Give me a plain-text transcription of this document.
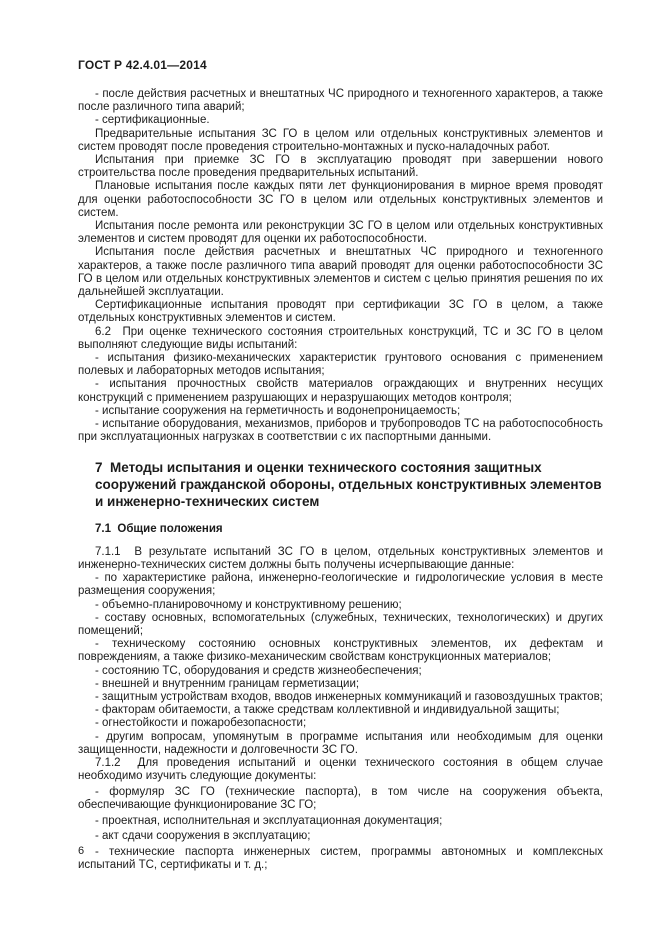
ГОСТ Р 42.4.01—2014
- после действия расчетных и внештатных ЧС природного и техногенного характеров, а также после различного типа аварий;
- сертификационные.
Предварительные испытания ЗС ГО в целом или отдельных конструктивных элементов и систем проводят после проведения строительно-монтажных и пуско-наладочных работ.
Испытания при приемке ЗС ГО в эксплуатацию проводят при завершении нового строительства после проведения предварительных испытаний.
Плановые испытания после каждых пяти лет функционирования в мирное время проводят для оценки работоспособности ЗС ГО в целом или отдельных конструктивных элементов и систем.
Испытания после ремонта или реконструкции ЗС ГО в целом или отдельных конструктивных элементов и систем проводят для оценки их работоспособности.
Испытания после действия расчетных и внештатных ЧС природного и техногенного характеров, а также после различного типа аварий проводят для оценки работоспособности ЗС ГО в целом или отдельных конструктивных элементов и систем с целью принятия решения по их дальнейшей эксплуатации.
Сертификационные испытания проводят при сертификации ЗС ГО в целом, а также отдельных конструктивных элементов и систем.
6.2  При оценке технического состояния строительных конструкций, ТС и ЗС ГО в целом выполняют следующие виды испытаний:
- испытания физико-механических характеристик грунтового основания с применением полевых и лабораторных методов испытания;
- испытания прочностных свойств материалов ограждающих и внутренних несущих конструкций с применением разрушающих и неразрушающих методов контроля;
- испытание сооружения на герметичность и водонепроницаемость;
- испытание оборудования, механизмов, приборов и трубопроводов ТС на работоспособность при эксплуатационных нагрузках в соответствии с их паспортными данными.
7  Методы испытания и оценки технического состояния защитных сооружений гражданской обороны, отдельных конструктивных элементов и инженерно-технических систем
7.1  Общие положения
7.1.1  В результате испытаний ЗС ГО в целом, отдельных конструктивных элементов и инженерно-технических систем должны быть получены исчерпывающие данные:
- по характеристике района, инженерно-геологические и гидрологические условия в месте размещения сооружения;
- объемно-планировочному и конструктивному решению;
- составу основных, вспомогательных (служебных, технических, технологических) и других помещений;
- техническому состоянию основных конструктивных элементов, их дефектам и повреждениям, а также физико-механическим свойствам конструкционных материалов;
- состоянию ТС, оборудования и средств жизнеобеспечения;
- внешней и внутренним границам герметизации;
- защитным устройствам входов, вводов инженерных коммуникаций и газовоздушных трактов;
- факторам обитаемости, а также средствам коллективной и индивидуальной защиты;
- огнестойкости и пожаробезопасности;
- другим вопросам, упомянутым в программе испытания или необходимым для оценки защищенности, надежности и долговечности ЗС ГО.
7.1.2  Для проведения испытаний и оценки технического состояния в общем случае необходимо изучить следующие документы:
- формуляр ЗС ГО (технические паспорта), в том числе на сооружения объекта, обеспечивающие функционирование ЗС ГО;
- проектная, исполнительная и эксплуатационная документация;
- акт сдачи сооружения в эксплуатацию;
- технические паспорта инженерных систем, программы автономных и комплексных испытаний ТС, сертификаты и т. д.;
6
